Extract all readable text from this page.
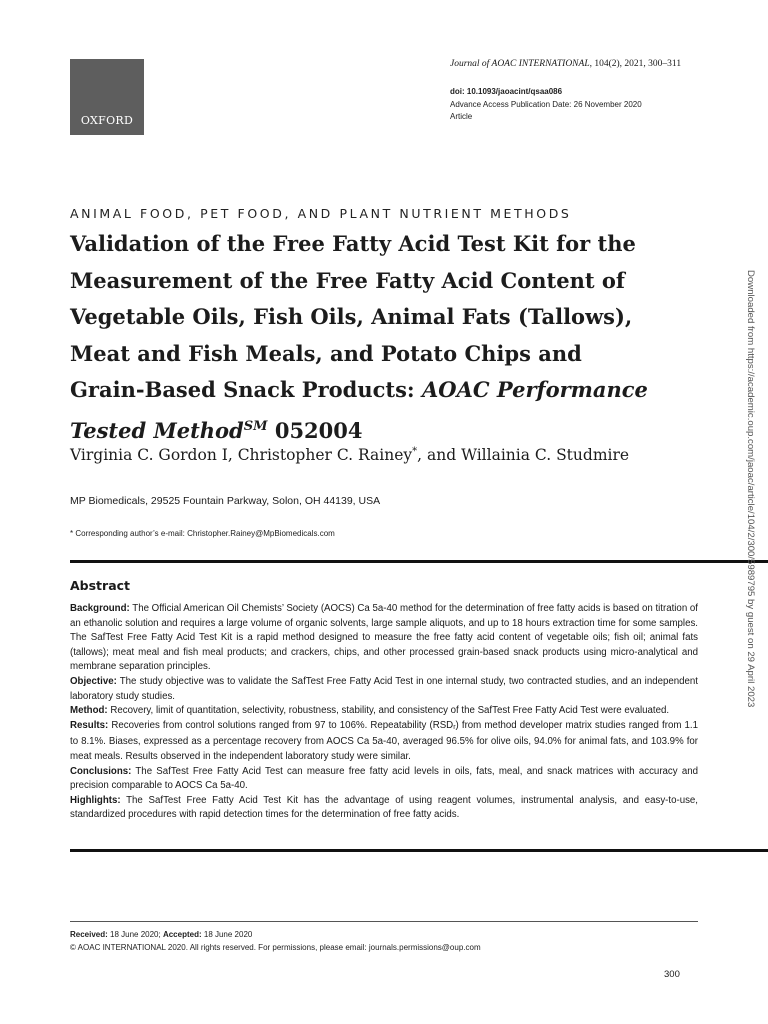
OXFORD
Journal of AOAC INTERNATIONAL, 104(2), 2021, 300–311
doi: 10.1093/jaoacint/qsaa086
Advance Access Publication Date: 26 November 2020
Article
ANIMAL FOOD, PET FOOD, AND PLANT NUTRIENT METHODS
Validation of the Free Fatty Acid Test Kit for the
Measurement of the Free Fatty Acid Content of
Vegetable Oils, Fish Oils, Animal Fats (Tallows),
Meat and Fish Meals, and Potato Chips and
Grain-Based Snack Products: AOAC Performance
Tested Method℠ 052004
Virginia C. Gordon I, Christopher C. Rainey*, and Willainia C. Studmire
MP Biomedicals, 29525 Fountain Parkway, Solon, OH 44139, USA
* Corresponding author’s e-mail: Christopher.Rainey@MpBiomedicals.com
Abstract

Background: The Official American Oil Chemists’ Society (AOCS) Ca 5a-40 method for the determination of free fatty acids is based on titration of an ethanolic solution and requires a large volume of organic solvents, large sample aliquots, and up to 18 hours extraction time for some samples. The SafTest Free Fatty Acid Test Kit is a rapid method designed to measure the free fatty acid content of vegetable oils; fish oil; animal fats (tallows); meat meal and fish meal products; and crackers, chips, and other processed grain-based snack products using micro-analytical and membrane separation principles.

Objective: The study objective was to validate the SafTest Free Fatty Acid Test in one internal study, two contracted studies, and an independent laboratory study studies.

Method: Recovery, limit of quantitation, selectivity, robustness, stability, and consistency of the SafTest Free Fatty Acid Test were evaluated.

Results: Recoveries from control solutions ranged from 97 to 106%. Repeatability $(RSD_r)$ from method developer matrix studies ranged from 1.1 to 8.1%. Biases, expressed as a percentage recovery from AOCS Ca 5a-40, averaged 96.5% for olive oils, 94.0% for animal fats, and 103.9% for meat meals. Results observed in the independent laboratory study were similar.

Conclusions: The SafTest Free Fatty Acid Test can measure free fatty acid levels in oils, fats, meal, and snack matrices with accuracy and precision comparable to AOCS Ca 5a-40.

Highlights: The SafTest Free Fatty Acid Test Kit has the advantage of using reagent volumes, instrumental analysis, and easy-to-use, standardized procedures with rapid detection times for the determination of free fatty acids.

Received: 18 June 2020; Accepted: 18 June 2020
© AOAC INTERNATIONAL 2020. All rights reserved. For permissions, please email: journals.permissions@oup.com
300
Downloaded from https://academic.oup.com/jaoac/article/104/2/300/5989795 by guest on 29 April 2023
